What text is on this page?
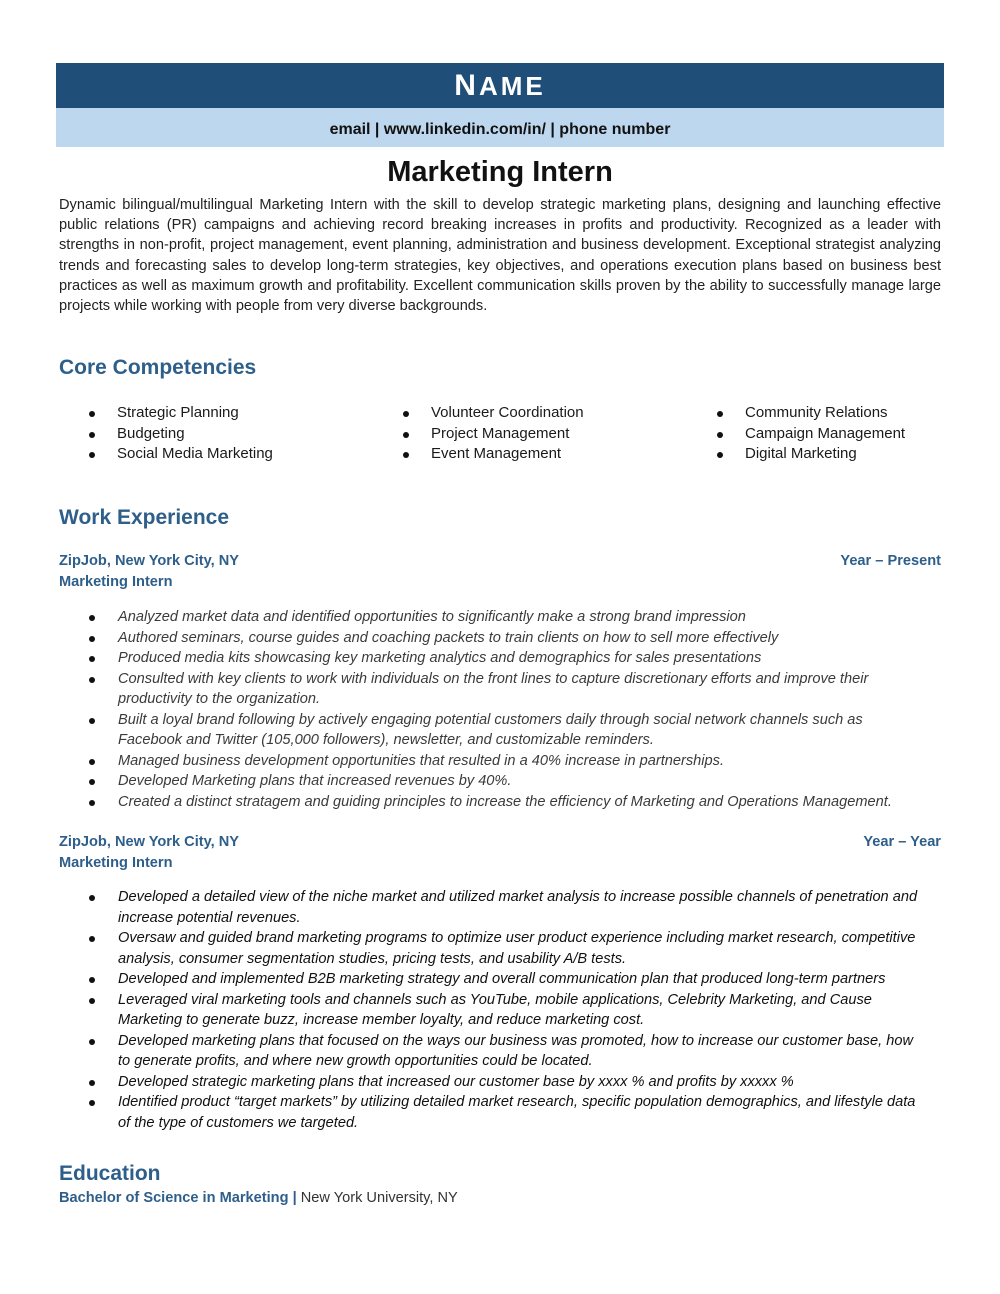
NAME
email | www.linkedin.com/in/ | phone number
Marketing Intern
Dynamic bilingual/multilingual Marketing Intern with the skill to develop strategic marketing plans, designing and launching effective public relations (PR) campaigns and achieving record breaking increases in profits and productivity. Recognized as a leader with strengths in non-profit, project management, event planning, administration and business development. Exceptional strategist analyzing trends and forecasting sales to develop long-term strategies, key objectives, and operations execution plans based on business best practices as well as maximum growth and profitability. Excellent communication skills proven by the ability to successfully manage large projects while working with people from very diverse backgrounds.
Core Competencies
Strategic Planning
Budgeting
Social Media Marketing
Volunteer Coordination
Project Management
Event Management
Community Relations
Campaign Management
Digital Marketing
Work Experience
ZipJob, New York City, NY	Year – Present
Marketing Intern
Analyzed market data and identified opportunities to significantly make a strong brand impression
Authored seminars, course guides and coaching packets to train clients on how to sell more effectively
Produced media kits showcasing key marketing analytics and demographics for sales presentations
Consulted with key clients to work with individuals on the front lines to capture discretionary efforts and improve their productivity to the organization.
Built a loyal brand following by actively engaging potential customers daily through social network channels such as Facebook and Twitter (105,000 followers), newsletter, and customizable reminders.
Managed business development opportunities that resulted in a 40% increase in partnerships.
Developed Marketing plans that increased revenues by 40%.
Created a distinct stratagem and guiding principles to increase the efficiency of Marketing and Operations Management.
ZipJob, New York City, NY	Year – Year
Marketing Intern
Developed a detailed view of the niche market and utilized market analysis to increase possible channels of penetration and increase potential revenues.
Oversaw and guided brand marketing programs to optimize user product experience including market research, competitive analysis, consumer segmentation studies, pricing tests, and usability A/B tests.
Developed and implemented B2B marketing strategy and overall communication plan that produced long-term partners
Leveraged viral marketing tools and channels such as YouTube, mobile applications, Celebrity Marketing, and Cause Marketing to generate buzz, increase member loyalty, and reduce marketing cost.
Developed marketing plans that focused on the ways our business was promoted, how to increase our customer base, how to generate profits, and where new growth opportunities could be located.
Developed strategic marketing plans that increased our customer base by xxxx % and profits by xxxxx %
Identified product “target markets” by utilizing detailed market research, specific population demographics, and lifestyle data of the type of customers we targeted.
Education
Bachelor of Science in Marketing | New York University, NY
